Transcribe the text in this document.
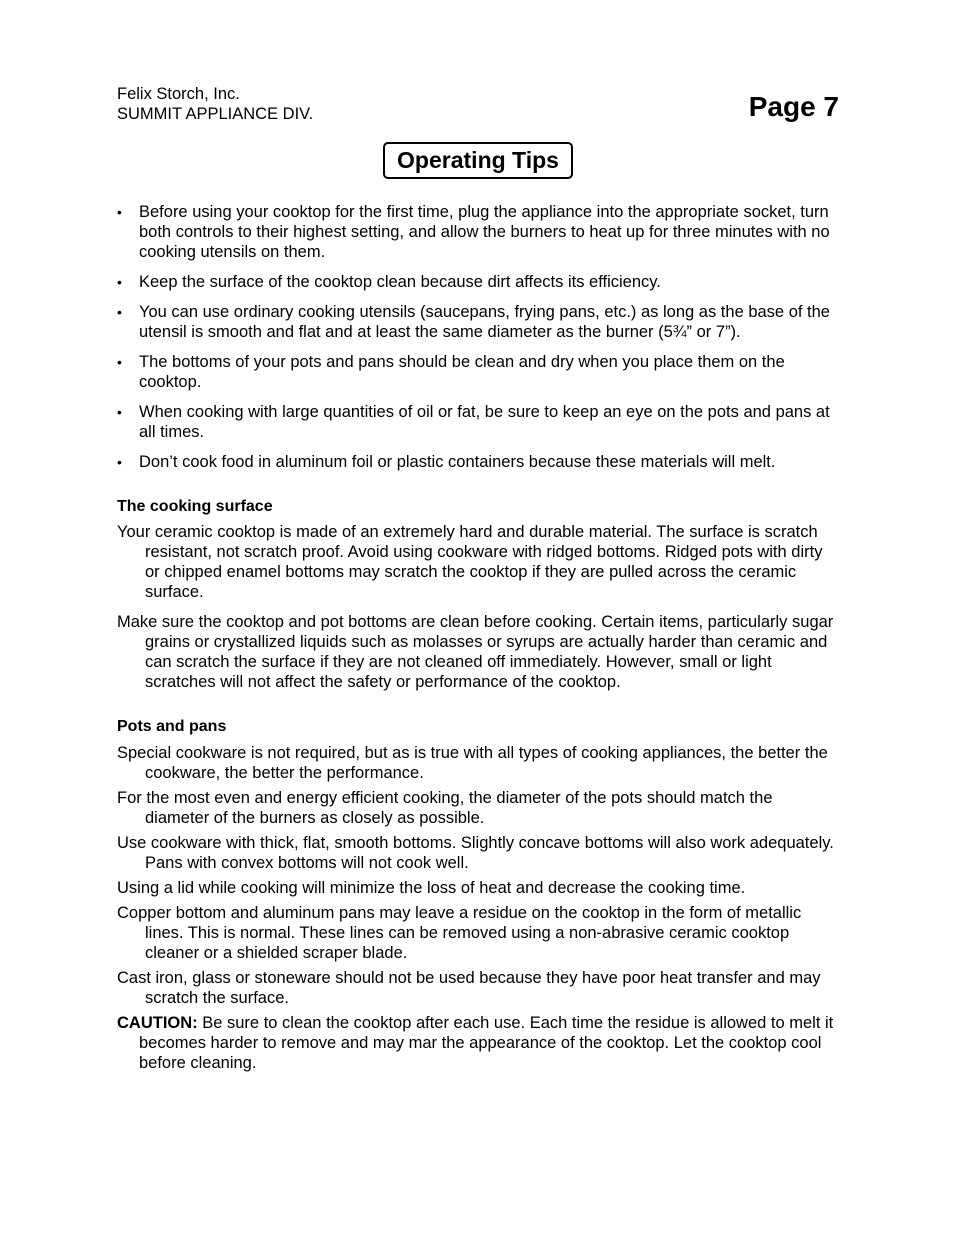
Felix Storch, Inc.
SUMMIT APPLIANCE DIV.	Page 7
Operating Tips
• Before using your cooktop for the first time, plug the appliance into the appropriate socket, turn both controls to their highest setting, and allow the burners to heat up for three minutes with no cooking utensils on them.
• Keep the surface of the cooktop clean because dirt affects its efficiency.
• You can use ordinary cooking utensils (saucepans, frying pans, etc.) as long as the base of the utensil is smooth and flat and at least the same diameter as the burner (5¾” or 7”).
• The bottoms of your pots and pans should be clean and dry when you place them on the cooktop.
• When cooking with large quantities of oil or fat, be sure to keep an eye on the pots and pans at all times.
• Don’t cook food in aluminum foil or plastic containers because these materials will melt.
The cooking surface
Your ceramic cooktop is made of an extremely hard and durable material. The surface is scratch resistant, not scratch proof. Avoid using cookware with ridged bottoms. Ridged pots with dirty or chipped enamel bottoms may scratch the cooktop if they are pulled across the ceramic surface.
Make sure the cooktop and pot bottoms are clean before cooking. Certain items, particularly sugar grains or crystallized liquids such as molasses or syrups are actually harder than ceramic and can scratch the surface if they are not cleaned off immediately. However, small or light scratches will not affect the safety or performance of the cooktop.
Pots and pans
Special cookware is not required, but as is true with all types of cooking appliances, the better the cookware, the better the performance.
For the most even and energy efficient cooking, the diameter of the pots should match the diameter of the burners as closely as possible.
Use cookware with thick, flat, smooth bottoms. Slightly concave bottoms will also work adequately. Pans with convex bottoms will not cook well.
Using a lid while cooking will minimize the loss of heat and decrease the cooking time.
Copper bottom and aluminum pans may leave a residue on the cooktop in the form of metallic lines. This is normal. These lines can be removed using a non-abrasive ceramic cooktop cleaner or a shielded scraper blade.
Cast iron, glass or stoneware should not be used because they have poor heat transfer and may scratch the surface.
CAUTION: Be sure to clean the cooktop after each use. Each time the residue is allowed to melt it becomes harder to remove and may mar the appearance of the cooktop. Let the cooktop cool before cleaning.
